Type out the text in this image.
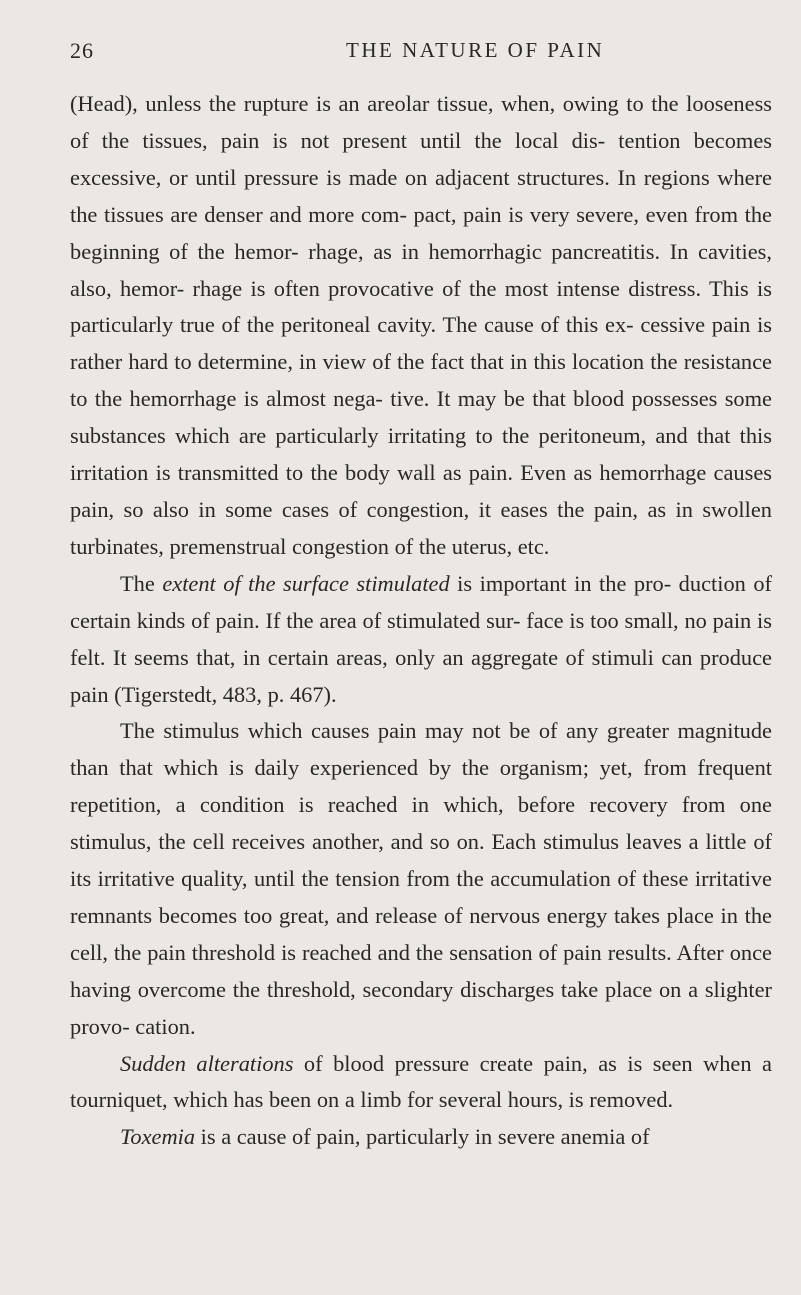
26	THE NATURE OF PAIN

(Head), unless the rupture is an areolar tissue, when, owing to the looseness of the tissues, pain is not present until the local dis- tention becomes excessive, or until pressure is made on adjacent structures. In regions where the tissues are denser and more com- pact, pain is very severe, even from the beginning of the hemor- rhage, as in hemorrhagic pancreatitis. In cavities, also, hemor- rhage is often provocative of the most intense distress. This is particularly true of the peritoneal cavity. The cause of this ex- cessive pain is rather hard to determine, in view of the fact that in this location the resistance to the hemorrhage is almost nega- tive. It may be that blood possesses some substances which are particularly irritating to the peritoneum, and that this irritation is transmitted to the body wall as pain. Even as hemorrhage causes pain, so also in some cases of congestion, it eases the pain, as in swollen turbinates, premenstrual congestion of the uterus, etc.

The extent of the surface stimulated is important in the pro- duction of certain kinds of pain. If the area of stimulated sur- face is too small, no pain is felt. It seems that, in certain areas, only an aggregate of stimuli can produce pain (Tigerstedt, 483, p. 467).

The stimulus which causes pain may not be of any greater magnitude than that which is daily experienced by the organism; yet, from frequent repetition, a condition is reached in which, before recovery from one stimulus, the cell receives another, and so on. Each stimulus leaves a little of its irritative quality, until the tension from the accumulation of these irritative remnants becomes too great, and release of nervous energy takes place in the cell, the pain threshold is reached and the sensation of pain results. After once having overcome the threshold, secondary discharges take place on a slighter provo- cation.

Sudden alterations of blood pressure create pain, as is seen when a tourniquet, which has been on a limb for several hours, is removed.

Toxemia is a cause of pain, particularly in severe anemia of
